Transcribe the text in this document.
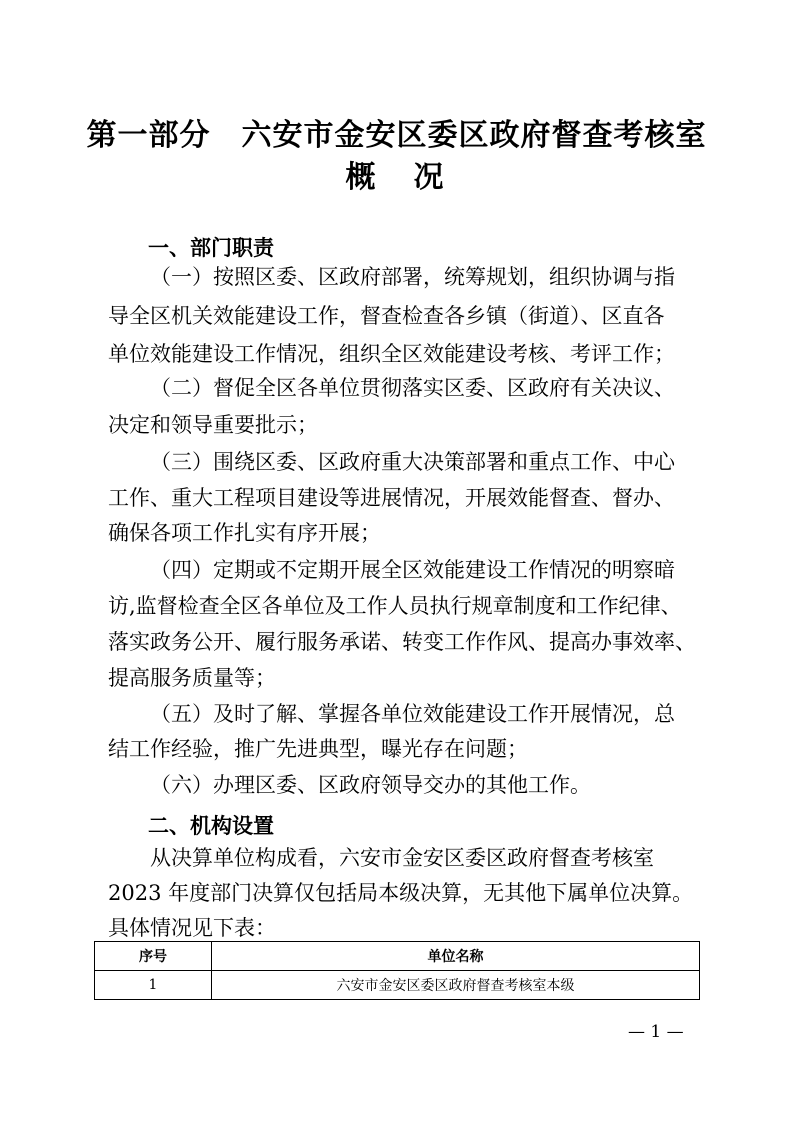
第一部分　六安市金安区委区政府督查考核室
概　况
一、部门职责
（一）按照区委、区政府部署，统筹规划，组织协调与指
导全区机关效能建设工作，督查检查各乡镇（街道）、区直各
单位效能建设工作情况，组织全区效能建设考核、考评工作；
（二）督促全区各单位贯彻落实区委、区政府有关决议、
决定和领导重要批示；
（三）围绕区委、区政府重大决策部署和重点工作、中心
工作、重大工程项目建设等进展情况，开展效能督查、督办、
确保各项工作扎实有序开展；
（四）定期或不定期开展全区效能建设工作情况的明察暗
访,监督检查全区各单位及工作人员执行规章制度和工作纪律、
落实政务公开、履行服务承诺、转变工作作风、提高办事效率、
提高服务质量等；
（五）及时了解、掌握各单位效能建设工作开展情况，总
结工作经验，推广先进典型，曝光存在问题；
（六）办理区委、区政府领导交办的其他工作。
二、机构设置
从决算单位构成看，六安市金安区委区政府督查考核室
2023 年度部门决算仅包括局本级决算，无其他下属单位决算。
具体情况见下表：
序号	单位名称
1	六安市金安区委区政府督查考核室本级
— 1 —
